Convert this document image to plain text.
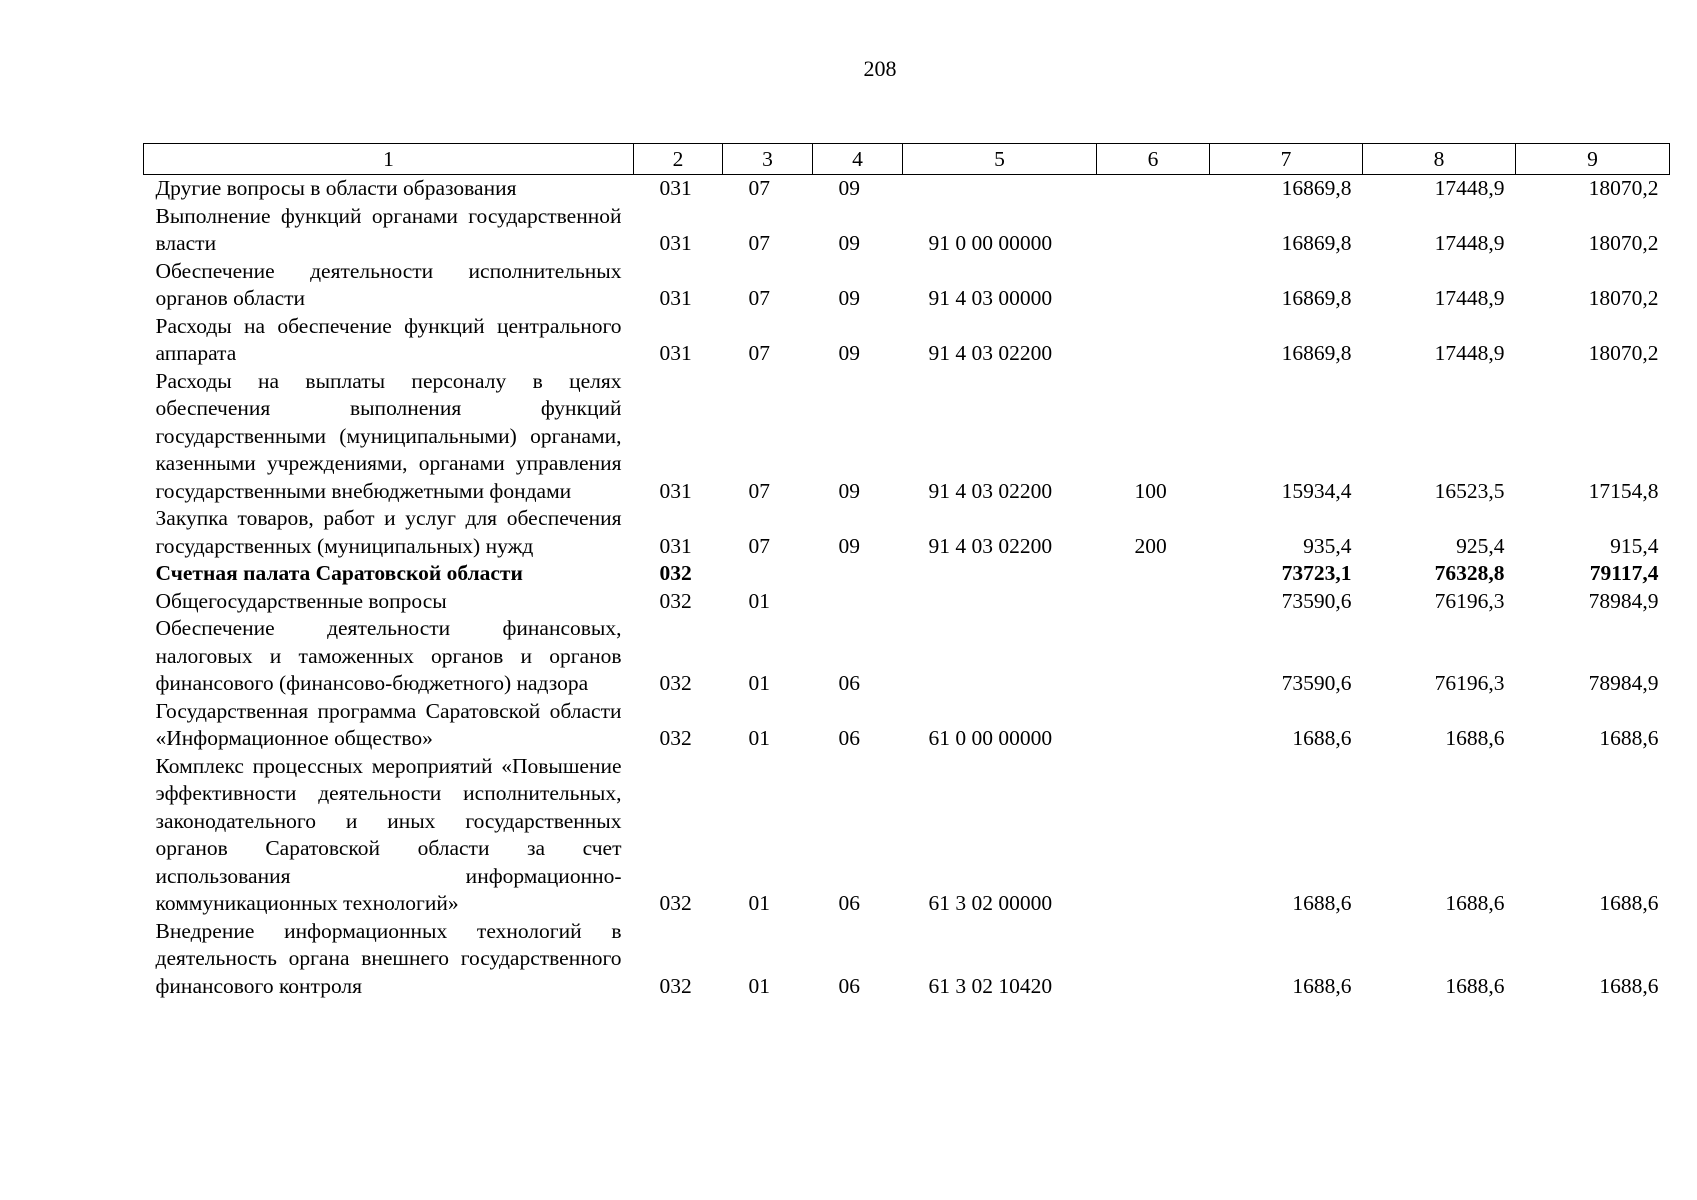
208
1	2	3	4	5	6	7	8	9
Другие вопросы в области образования	031	07	09			16869,8	17448,9	18070,2
Выполнение функций органами государственной власти	031	07	09	91 0 00 00000		16869,8	17448,9	18070,2
Обеспечение деятельности исполнительных органов области	031	07	09	91 4 03 00000		16869,8	17448,9	18070,2
Расходы на обеспечение функций центрального аппарата	031	07	09	91 4 03 02200		16869,8	17448,9	18070,2
Расходы на выплаты персоналу в целях обеспечения выполнения функций государственными (муниципальными) органами, казенными учреждениями, органами управления государственными внебюджетными фондами	031	07	09	91 4 03 02200	100	15934,4	16523,5	17154,8
Закупка товаров, работ и услуг для обеспечения государственных (муниципальных) нужд	031	07	09	91 4 03 02200	200	935,4	925,4	915,4
Счетная палата Саратовской области	032					73723,1	76328,8	79117,4
Общегосударственные вопросы	032	01				73590,6	76196,3	78984,9
Обеспечение деятельности финансовых, налоговых и таможенных органов и органов финансового (финансово-бюджетного) надзора	032	01	06			73590,6	76196,3	78984,9
Государственная программа Саратовской области «Информационное общество»	032	01	06	61 0 00 00000		1688,6	1688,6	1688,6
Комплекс процессных мероприятий «Повышение эффективности деятельности исполнительных, законодательного и иных государственных органов Саратовской области за счет использования информационно-коммуникационных технологий»	032	01	06	61 3 02 00000		1688,6	1688,6	1688,6
Внедрение информационных технологий в деятельность органа внешнего государственного финансового контроля	032	01	06	61 3 02 10420		1688,6	1688,6	1688,6
